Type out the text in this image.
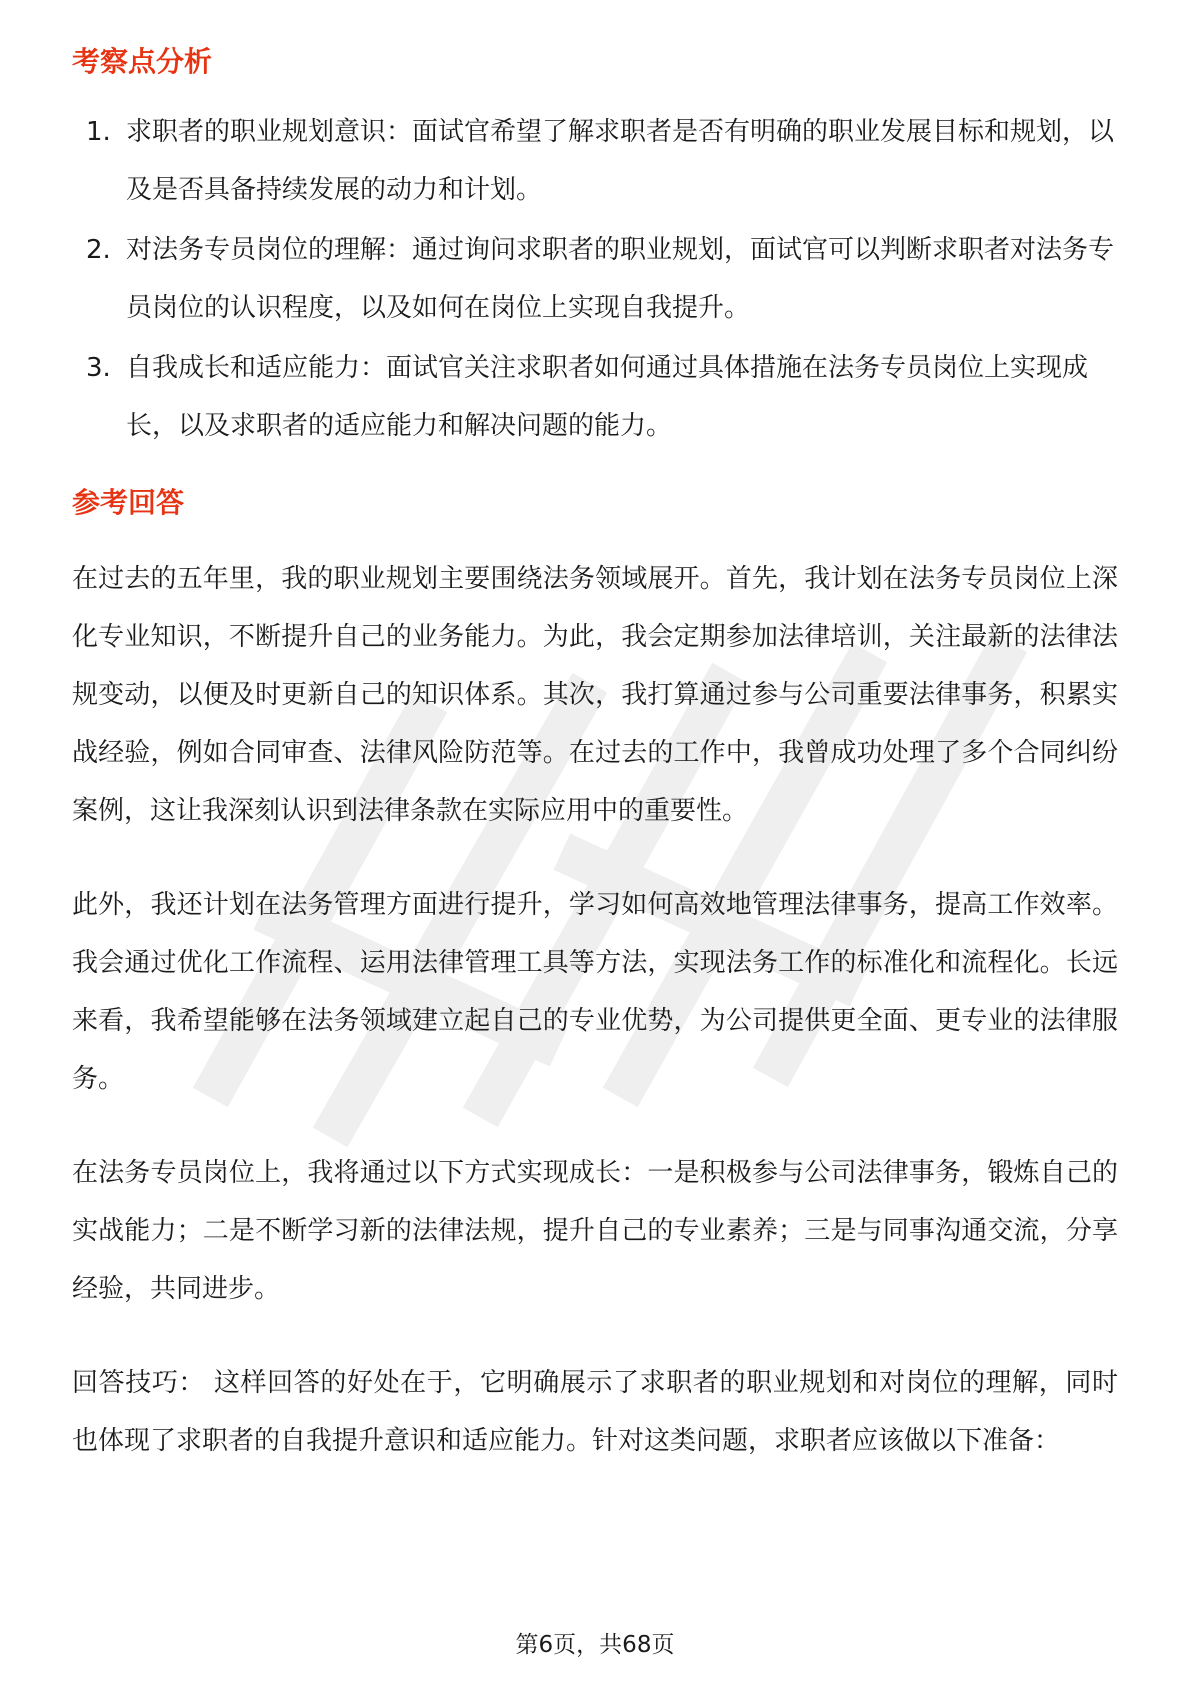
考察点分析
1. 求职者的职业规划意识：面试官希望了解求职者是否有明确的职业发展目标和规划，以及是否具备持续发展的动力和计划。
2. 对法务专员岗位的理解：通过询问求职者的职业规划，面试官可以判断求职者对法务专员岗位的认识程度，以及如何在岗位上实现自我提升。
3. 自我成长和适应能力：面试官关注求职者如何通过具体措施在法务专员岗位上实现成长，以及求职者的适应能力和解决问题的能力。
参考回答

在过去的五年里，我的职业规划主要围绕法务领域展开。首先，我计划在法务专员岗位上深化专业知识，不断提升自己的业务能力。为此，我会定期参加法律培训，关注最新的法律法规变动，以便及时更新自己的知识体系。其次，我打算通过参与公司重要法律事务，积累实战经验，例如合同审查、法律风险防范等。在过去的工作中，我曾成功处理了多个合同纠纷案例，这让我深刻认识到法律条款在实际应用中的重要性。

此外，我还计划在法务管理方面进行提升，学习如何高效地管理法律事务，提高工作效率。我会通过优化工作流程、运用法律管理工具等方法，实现法务工作的标准化和流程化。长远来看，我希望能够在法务领域建立起自己的专业优势，为公司提供更全面、更专业的法律服务。

在法务专员岗位上，我将通过以下方式实现成长：一是积极参与公司法律事务，锻炼自己的实战能力；二是不断学习新的法律法规，提升自己的专业素养；三是与同事沟通交流，分享经验，共同进步。

回答技巧： 这样回答的好处在于，它明确展示了求职者的职业规划和对岗位的理解，同时也体现了求职者的自我提升意识和适应能力。针对这类问题，求职者应该做以下准备：

第6页，共68页
